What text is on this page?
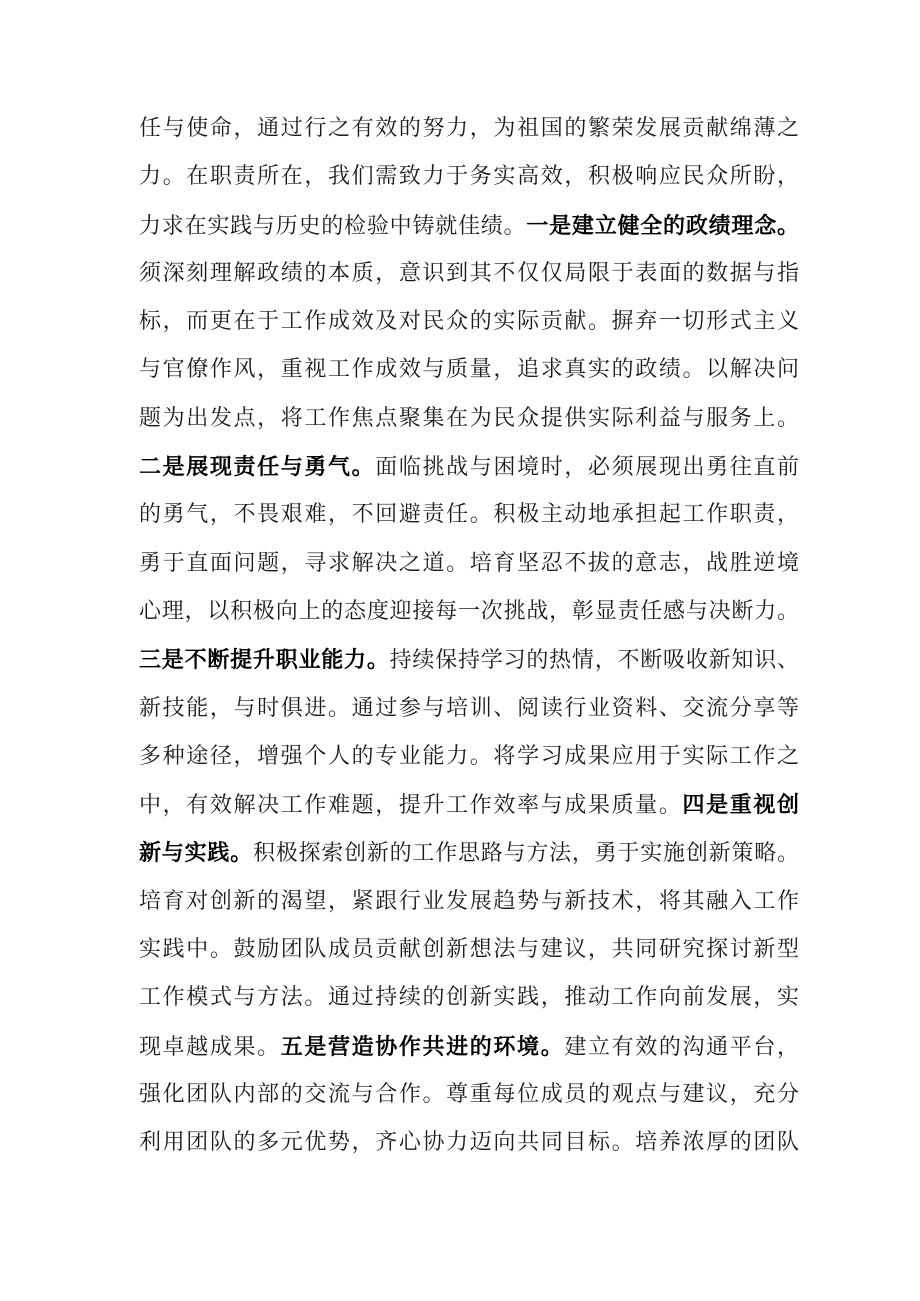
任与使命，通过行之有效的努力，为祖国的繁荣发展贡献绵薄之
力。在职责所在，我们需致力于务实高效，积极响应民众所盼，
力求在实践与历史的检验中铸就佳绩。一是建立健全的政绩理念。
须深刻理解政绩的本质，意识到其不仅仅局限于表面的数据与指
标，而更在于工作成效及对民众的实际贡献。摒弃一切形式主义
与官僚作风，重视工作成效与质量，追求真实的政绩。以解决问
题为出发点，将工作焦点聚集在为民众提供实际利益与服务上。
二是展现责任与勇气。面临挑战与困境时，必须展现出勇往直前
的勇气，不畏艰难，不回避责任。积极主动地承担起工作职责，
勇于直面问题，寻求解决之道。培育坚忍不拔的意志，战胜逆境
心理，以积极向上的态度迎接每一次挑战，彰显责任感与决断力。
三是不断提升职业能力。持续保持学习的热情，不断吸收新知识、
新技能，与时俱进。通过参与培训、阅读行业资料、交流分享等
多种途径，增强个人的专业能力。将学习成果应用于实际工作之
中，有效解决工作难题，提升工作效率与成果质量。四是重视创
新与实践。积极探索创新的工作思路与方法，勇于实施创新策略。
培育对创新的渴望，紧跟行业发展趋势与新技术，将其融入工作
实践中。鼓励团队成员贡献创新想法与建议，共同研究探讨新型
工作模式与方法。通过持续的创新实践，推动工作向前发展，实
现卓越成果。五是营造协作共进的环境。建立有效的沟通平台，
强化团队内部的交流与合作。尊重每位成员的观点与建议，充分
利用团队的多元优势，齐心协力迈向共同目标。培养浓厚的团队
